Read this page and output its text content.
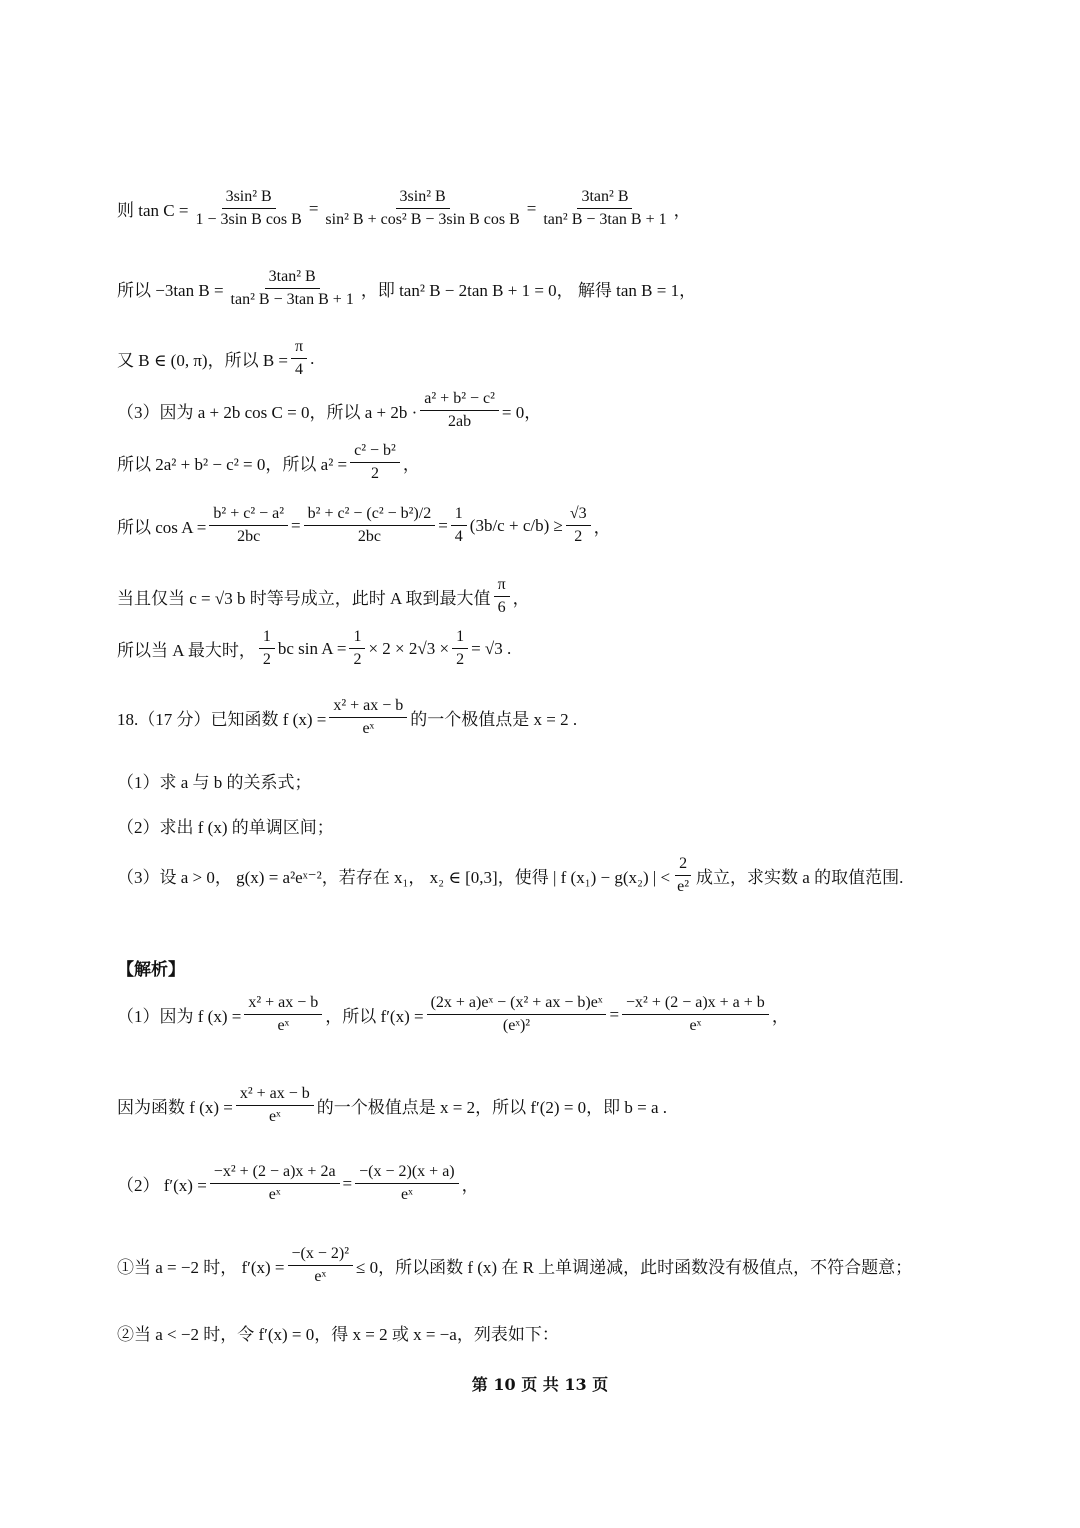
则 $\tan C = \frac{\text{3sin² B}}{\text{1 − 3sin B cos B}} = \frac{\text{3sin² B}}{\text{sin² B + cos² B − 3sin B cos B}} = \frac{\text{3tan² B}}{\text{tan² B − 3tan B + 1}}$ ，
所以 −3tan $B = \frac{\text{3tan² B}}{\text{tan² B − 3tan B + 1}}$ ，即 tan² B − 2tan B + 1 = 0， 解得 tan B = 1，
又 B ∈ (0, π)，所以 $B = \frac{\pi}{4}$ .
（3）因为 a + 2b cos C = 0，所以 $a + 2b \cdot \frac{\text{a² + b² − c²}}{2ab} = 0$，
所以 2a² + b² − c² = 0，所以 $a^2 = \frac{\text{c² − b²}}{2}$ ，
所以 $\cos A = \frac{\text{b² + c² − a²}}{2bc} = \frac{\text{b² + c² − (c² − b²)/2}}{2bc} = \frac{1}{4} (3b/c + c/b) \ge \frac{√3}{2}$ ，
当且仅当 c = √3 b 时等号成立，此时 A 取到最大值 $\frac{\pi}{6}$ ，
所以当 A 最大时， $\frac{1}{2}$ bc $\sin A = \frac{1}{2} \times 2 \times 2√3 \times \frac{1}{2} = √3$ .
18.（17 分）已知函数 f $(x) = \frac{\text{x² + ax − b}}{\text{eˣ}}$ 的一个极值点是 x = 2 .
（1）求 a 与 b 的关系式；
（2）求出 f (x) 的单调区间；
（3）设 a > 0， g(x) = a²eˣ⁻²，若存在 x₁， x₂ ∈ [0,3]，使得 | f (x₁) − g(x₂) | < $\frac{2}{\text{e²}}$ 成立，求实数 a 的取值范围.
【解析】
（1）因为 f $(x) = \frac{\text{x² + ax − b}}{\text{eˣ}}$ ，所以 $f'(x) = \frac{\text{(2x + a)eˣ − (x² + ax − b)eˣ}}{\text{(eˣ)²}} = \frac{\text{−x² + (2 − a)x + a + b}}{\text{eˣ}}$ ，
因为函数 f $(x) = \frac{\text{x² + ax − b}}{\text{eˣ}}$ 的一个极值点是 x = 2，所以 f′(2) = 0，即 b = a .
（2） $f'(x) = \frac{\text{−x² + (2 − a)x + 2a}}{\text{eˣ}} = \frac{-(x - 2)(x + a)}{\text{eˣ}}$ ，
①当 a = −2 时， $f'(x) = \frac{\text{−(x − 2)²}}{\text{eˣ}} \le 0$，所以函数 f (x) 在 R 上单调递减，此时函数没有极值点，不符合题意；
②当 a < −2 时，令 f′(x) = 0，得 x = 2 或 x = −a，列表如下：
第 10 页 共 13 页
